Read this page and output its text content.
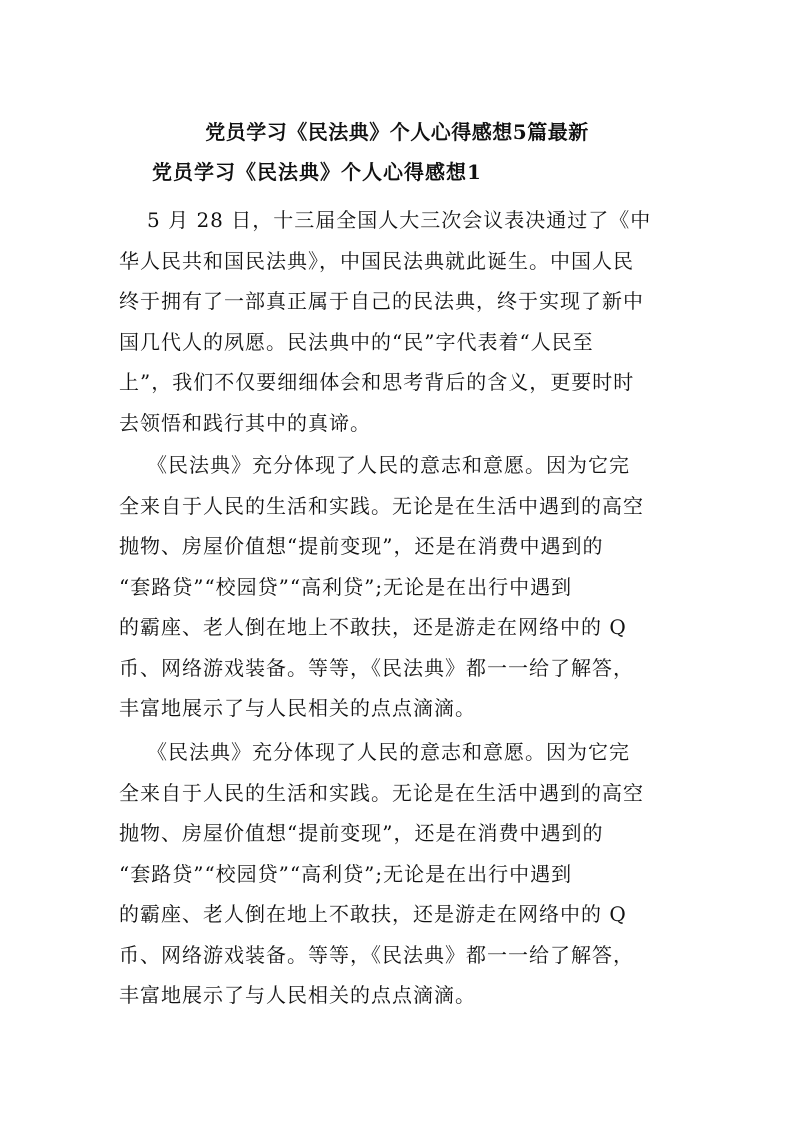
党员学习《民法典》个人心得感想5篇最新
党员学习《民法典》个人心得感想1
5 月 28 日，十三届全国人大三次会议表决通过了《中
华人民共和国民法典》，中国民法典就此诞生。中国人民
终于拥有了一部真正属于自己的民法典，终于实现了新中
国几代人的夙愿。民法典中的“民”字代表着“人民至
上”，我们不仅要细细体会和思考背后的含义，更要时时
去领悟和践行其中的真谛。
《民法典》充分体现了人民的意志和意愿。因为它完
全来自于人民的生活和实践。无论是在生活中遇到的高空
抛物、房屋价值想“提前变现”，还是在消费中遇到的
“套路贷”“校园贷”“高利贷”;无论是在出行中遇到
的霸座、老人倒在地上不敢扶，还是游走在网络中的 Q
币、网络游戏装备。等等，《民法典》都一一给了解答，
丰富地展示了与人民相关的点点滴滴。
《民法典》充分体现了人民的意志和意愿。因为它完
全来自于人民的生活和实践。无论是在生活中遇到的高空
抛物、房屋价值想“提前变现”，还是在消费中遇到的
“套路贷”“校园贷”“高利贷”;无论是在出行中遇到
的霸座、老人倒在地上不敢扶，还是游走在网络中的 Q
币、网络游戏装备。等等，《民法典》都一一给了解答，
丰富地展示了与人民相关的点点滴滴。
